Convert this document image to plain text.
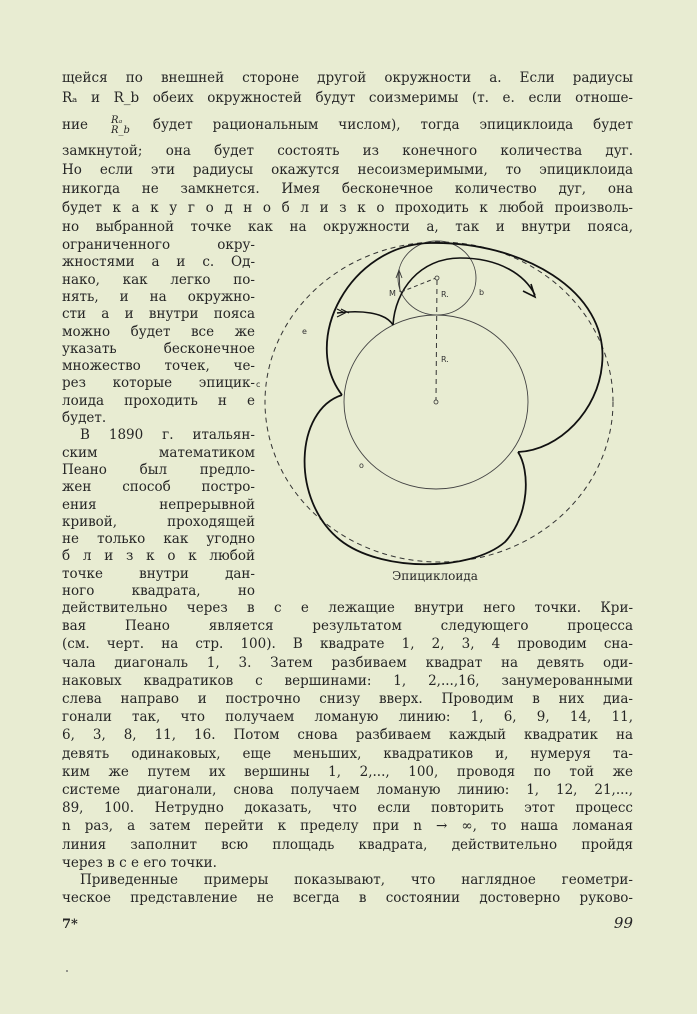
щейся по внешней стороне другой окружности a. Если радиусы
Rₐ и R_b обеих окружностей будут соизмеримы (т. е. если отноше-
ние Rₐ
R_b будет рациональным числом), тогда эпициклоида будет
замкнутой; она будет состоять из конечного количества дуг.
Но если эти радиусы окажутся несоизмеримыми, то эпициклоида
никогда не замкнется. Имея бесконечное количество дуг, она
будет к а к у г о д н о б л и з к о проходить к любой произволь-
но выбранной точке как на окружности a, так и внутри пояса,
ограниченного окру-
жностями a и c. Од-
нако, как легко по-
нять, и на окружно-
сти a и внутри пояса
можно будет все же
указать бесконечное
множество точек, че-
рез которые эпицик-
лоида проходить н е
будет.
В 1890 г. итальян-
ским математиком
Пеано был предло-
жен способ постро-
ения непрерывной
кривой, проходящей
не только как угодно
б л и з к о к любой
точке внутри дан-
ного квадрата, но
действительно через в с е лежащие внутри него точки. Кри-
вая Пеано является результатом следующего процесса
(см. черт. на стр. 100). В квадрате 1, 2, 3, 4 проводим сна-
чала диагональ 1, 3. Затем разбиваем квадрат на девять оди-
наковых квадратиков с вершинами: 1, 2,...,16, занумерованными
слева направо и построчно снизу вверх. Проводим в них диа-
гонали так, что получаем ломаную линию: 1, 6, 9, 14, 11,
6, 3, 8, 11, 16. Потом снова разбиваем каждый квадратик на
девять одинаковых, еще меньших, квадратиков и, нумеруя та-
ким же путем их вершины 1, 2,..., 100, проводя по той же
системе диагонали, снова получаем ломаную линию: 1, 12, 21,...,
89, 100. Нетрудно доказать, что если повторить этот процесс
n раз, а затем перейти к пределу при n → ∞, то наша ломаная
линия заполнит всю площадь квадрата, действительно пройдя
через в с е его точки.
Приведенные примеры показывают, что наглядное геометри-
ческое представление не всегда в состоянии достоверно руково-
M	R.	b
R.
e
c
o
Эпициклоида
7*	99
